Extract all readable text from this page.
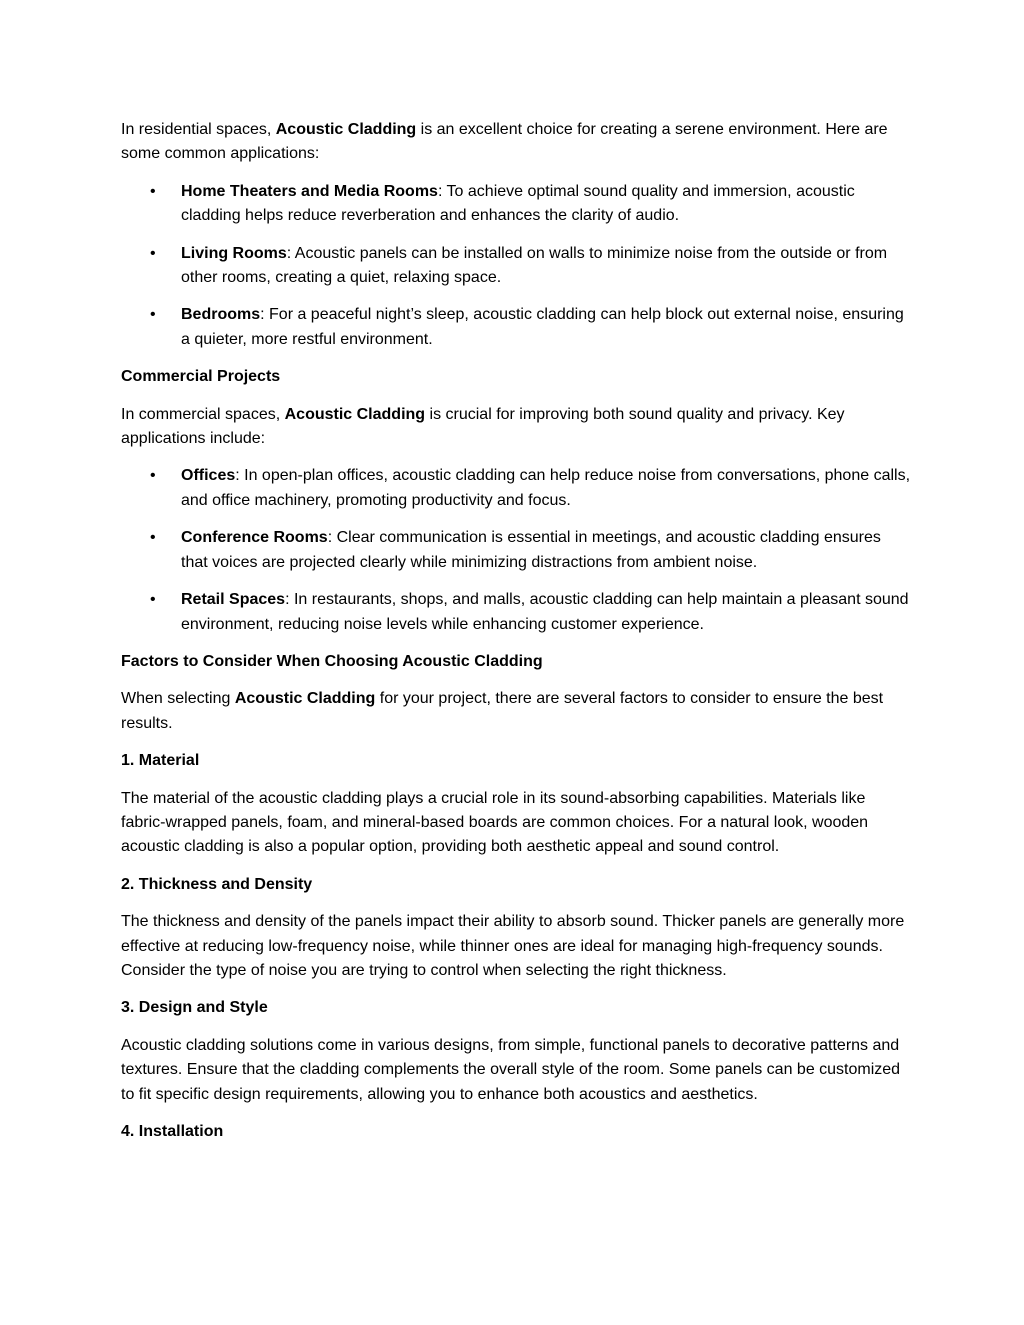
In residential spaces, Acoustic Cladding is an excellent choice for creating a serene environment. Here are some common applications:

• Home Theaters and Media Rooms: To achieve optimal sound quality and immersion, acoustic cladding helps reduce reverberation and enhances the clarity of audio.
• Living Rooms: Acoustic panels can be installed on walls to minimize noise from the outside or from other rooms, creating a quiet, relaxing space.
• Bedrooms: For a peaceful night’s sleep, acoustic cladding can help block out external noise, ensuring a quieter, more restful environment.

Commercial Projects

In commercial spaces, Acoustic Cladding is crucial for improving both sound quality and privacy. Key applications include:

• Offices: In open-plan offices, acoustic cladding can help reduce noise from conversations, phone calls, and office machinery, promoting productivity and focus.
• Conference Rooms: Clear communication is essential in meetings, and acoustic cladding ensures that voices are projected clearly while minimizing distractions from ambient noise.
• Retail Spaces: In restaurants, shops, and malls, acoustic cladding can help maintain a pleasant sound environment, reducing noise levels while enhancing customer experience.

Factors to Consider When Choosing Acoustic Cladding

When selecting Acoustic Cladding for your project, there are several factors to consider to ensure the best results.

1. Material

The material of the acoustic cladding plays a crucial role in its sound-absorbing capabilities. Materials like fabric-wrapped panels, foam, and mineral-based boards are common choices. For a natural look, wooden acoustic cladding is also a popular option, providing both aesthetic appeal and sound control.

2. Thickness and Density

The thickness and density of the panels impact their ability to absorb sound. Thicker panels are generally more effective at reducing low-frequency noise, while thinner ones are ideal for managing high-frequency sounds. Consider the type of noise you are trying to control when selecting the right thickness.

3. Design and Style

Acoustic cladding solutions come in various designs, from simple, functional panels to decorative patterns and textures. Ensure that the cladding complements the overall style of the room. Some panels can be customized to fit specific design requirements, allowing you to enhance both acoustics and aesthetics.

4. Installation
